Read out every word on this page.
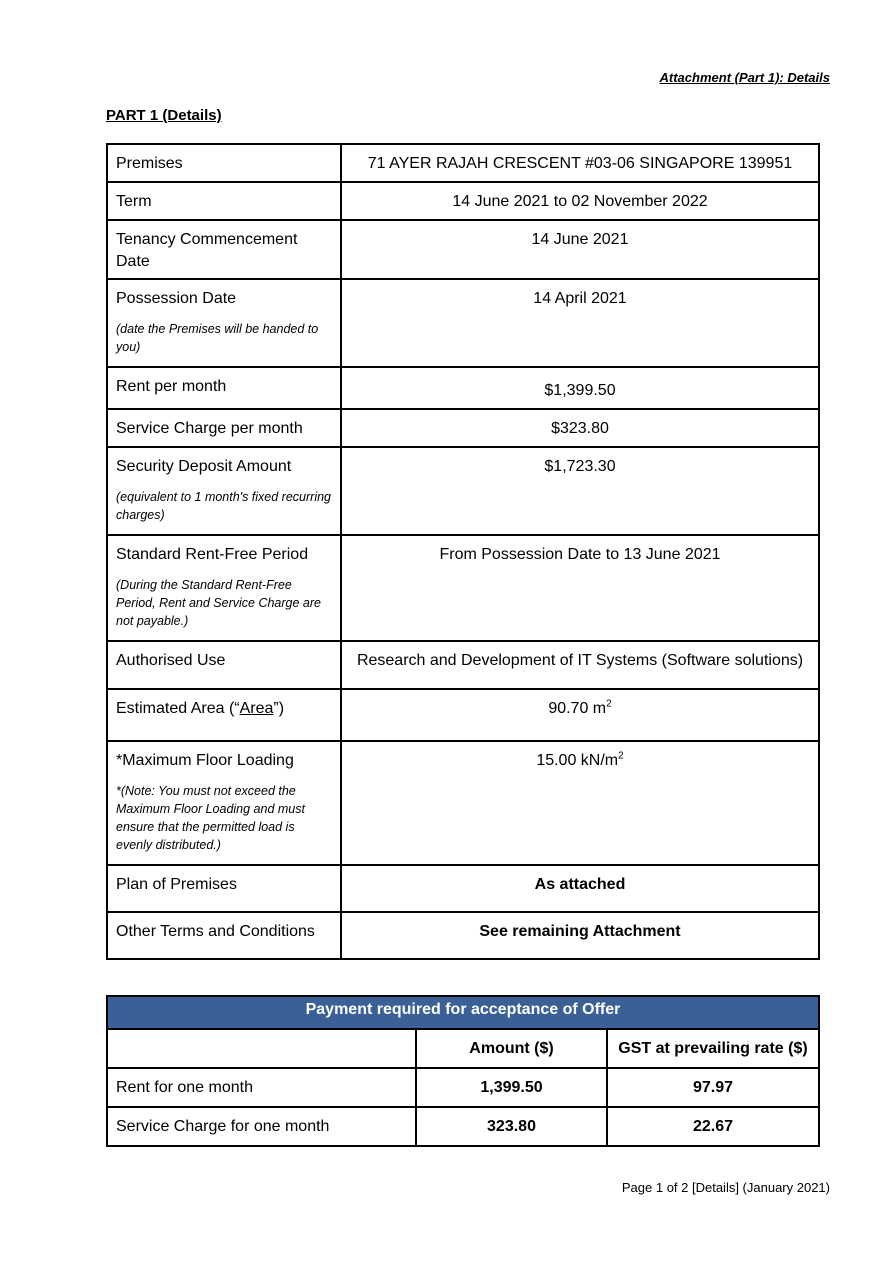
Attachment (Part 1): Details
PART 1 (Details)
Premises	71 AYER RAJAH CRESCENT #03-06 SINGAPORE 139951
Term	14 June 2021 to 02 November 2022
Tenancy Commencement Date	14 June 2021
Possession Date
(date the Premises will be handed to you)	14 April 2021
Rent per month	$1,399.50
Service Charge per month	$323.80
Security Deposit Amount
(equivalent to 1 month's fixed recurring charges)	$1,723.30
Standard Rent-Free Period
(During the Standard Rent-Free Period, Rent and Service Charge are not payable.)	From Possession Date to 13 June 2021
Authorised Use	Research and Development of IT Systems (Software solutions)
Estimated Area (“Area”)	90.70 $m^2$
*Maximum Floor Loading
*(Note: You must not exceed the Maximum Floor Loading and must ensure that the permitted load is evenly distributed.)	15.00 $kN/m^2$
Plan of Premises	As attached
Other Terms and Conditions	See remaining Attachment
Payment required for acceptance of Offer		
	Amount ($)	GST at prevailing rate ($)
Rent for one month	1,399.50	97.97
Service Charge for one month	323.80	22.67
Page 1 of 2 [Details] (January 2021)
